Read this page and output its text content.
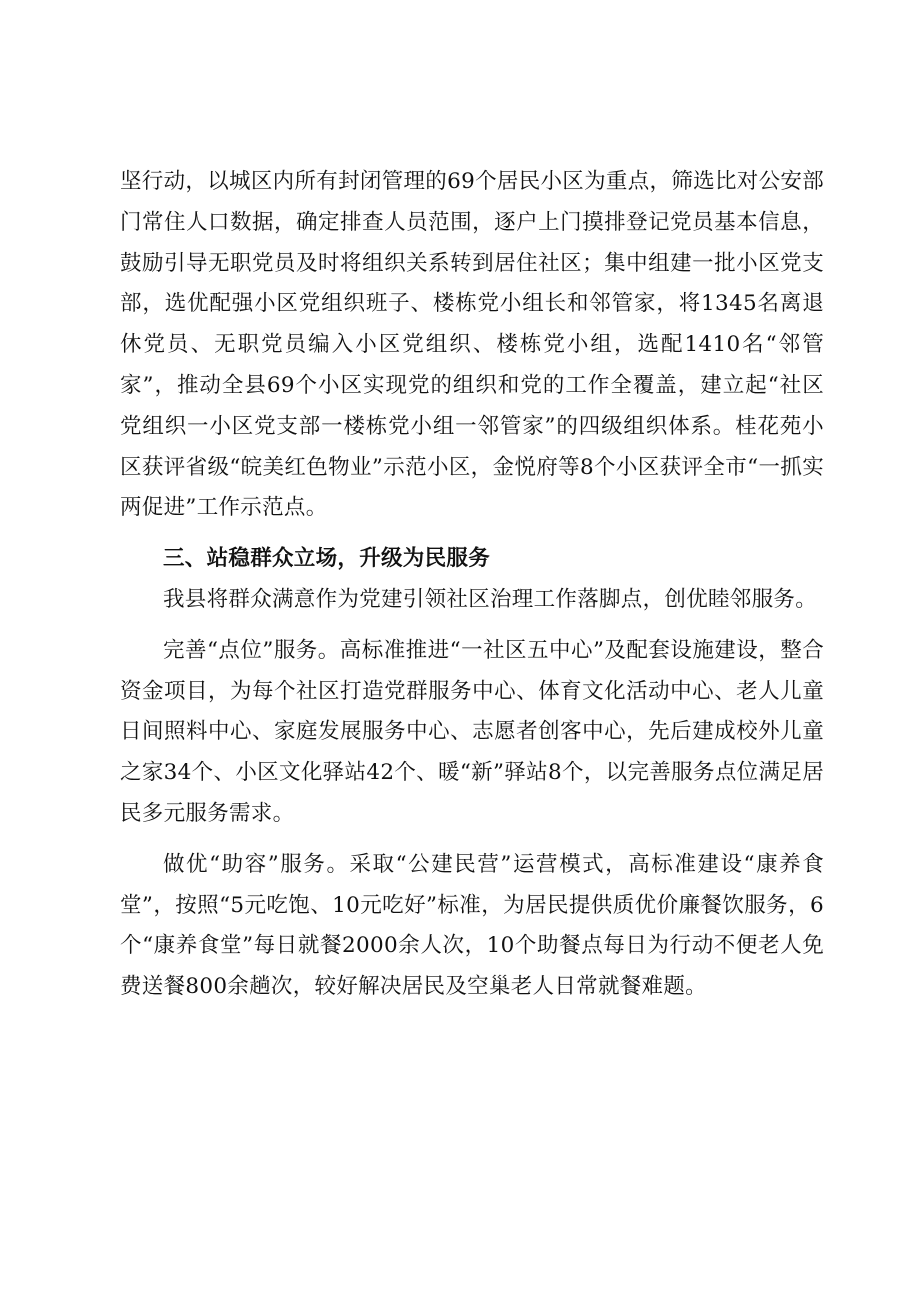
坚行动，以城区内所有封闭管理的69个居民小区为重点，筛选比对公安部门常住人口数据，确定排查人员范围，逐户上门摸排登记党员基本信息，鼓励引导无职党员及时将组织关系转到居住社区；集中组建一批小区党支部，选优配强小区党组织班子、楼栋党小组长和邻管家，将1345名离退休党员、无职党员编入小区党组织、楼栋党小组，选配1410名“邻管家”，推动全县69个小区实现党的组织和党的工作全覆盖，建立起“社区党组织一小区党支部一楼栋党小组一邻管家”的四级组织体系。桂花苑小区获评省级“皖美红色物业”示范小区，金悦府等8个小区获评全市“一抓实两促进”工作示范点。

三、站稳群众立场，升级为民服务

我县将群众满意作为党建引领社区治理工作落脚点，创优睦邻服务。

完善“点位”服务。高标准推进“一社区五中心”及配套设施建设，整合资金项目，为每个社区打造党群服务中心、体育文化活动中心、老人儿童日间照料中心、家庭发展服务中心、志愿者创客中心，先后建成校外儿童之家34个、小区文化驿站42个、暖“新”驿站8个，以完善服务点位满足居民多元服务需求。

做优“助容”服务。采取“公建民营”运营模式，高标准建设“康养食堂”，按照“5元吃饱、10元吃好”标准，为居民提供质优价廉餐饮服务，6个“康养食堂”每日就餐2000余人次，10个助餐点每日为行动不便老人免费送餐800余趟次，较好解决居民及空巢老人日常就餐难题。
